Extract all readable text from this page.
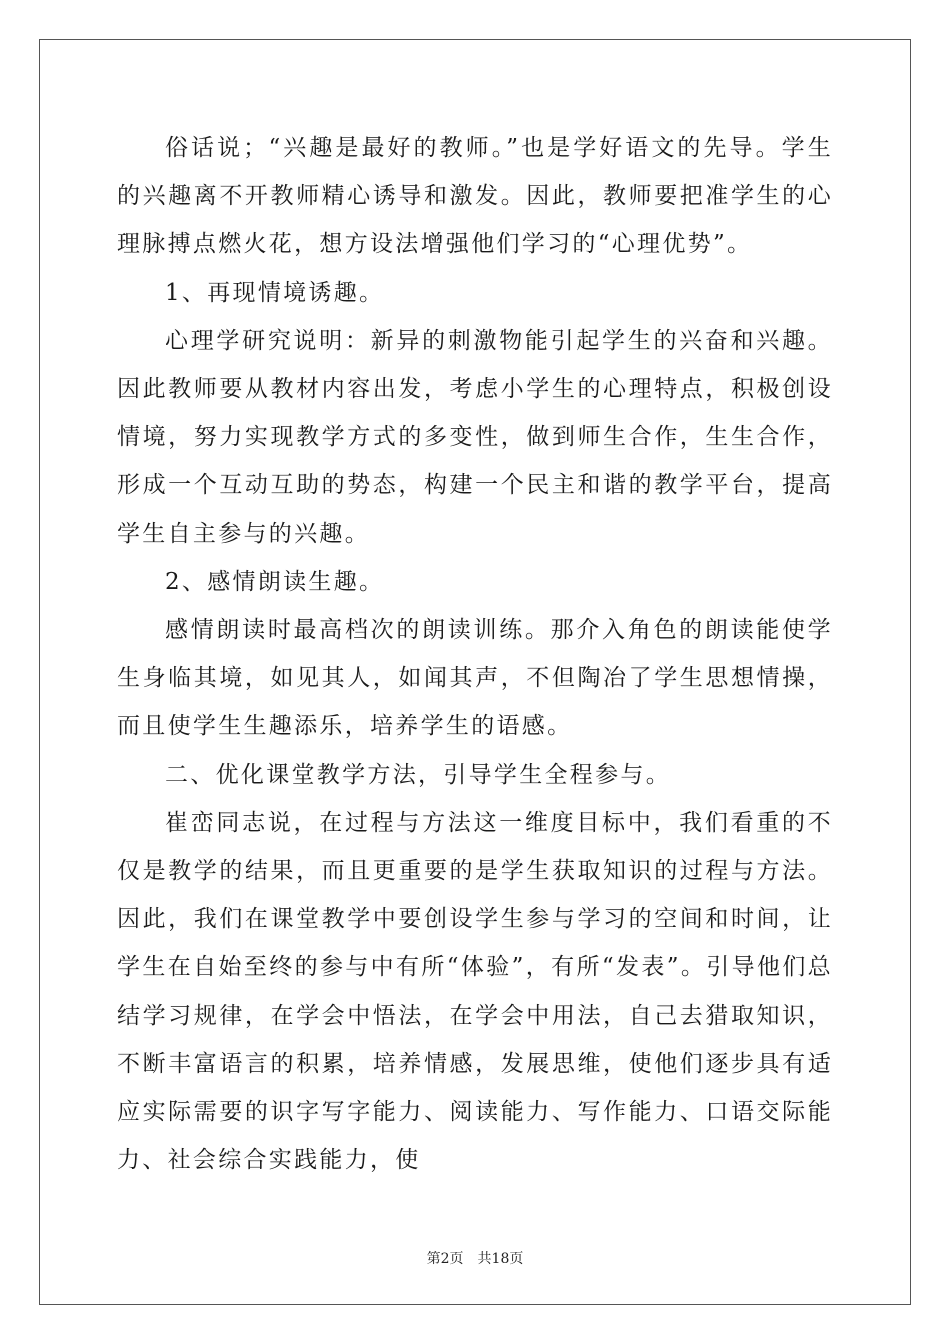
俗话说；“兴趣是最好的教师。”也是学好语文的先导。学生的兴趣离不开教师精心诱导和激发。因此，教师要把准学生的心理脉搏点燃火花，想方设法增强他们学习的“心理优势”。

1、再现情境诱趣。

心理学研究说明：新异的刺激物能引起学生的兴奋和兴趣。因此教师要从教材内容出发，考虑小学生的心理特点，积极创设情境，努力实现教学方式的多变性，做到师生合作，生生合作，形成一个互动互助的势态，构建一个民主和谐的教学平台，提高学生自主参与的兴趣。

2、感情朗读生趣。

感情朗读时最高档次的朗读训练。那介入角色的朗读能使学生身临其境，如见其人，如闻其声，不但陶冶了学生思想情操，而且使学生生趣添乐，培养学生的语感。

二、优化课堂教学方法，引导学生全程参与。

崔峦同志说，在过程与方法这一维度目标中，我们看重的不仅是教学的结果，而且更重要的是学生获取知识的过程与方法。因此，我们在课堂教学中要创设学生参与学习的空间和时间，让学生在自始至终的参与中有所“体验”，有所“发表”。引导他们总结学习规律，在学会中悟法，在学会中用法，自己去猎取知识，不断丰富语言的积累，培养情感，发展思维，使他们逐步具有适应实际需要的识字写字能力、阅读能力、写作能力、口语交际能力、社会综合实践能力，使

第2页 共18页
